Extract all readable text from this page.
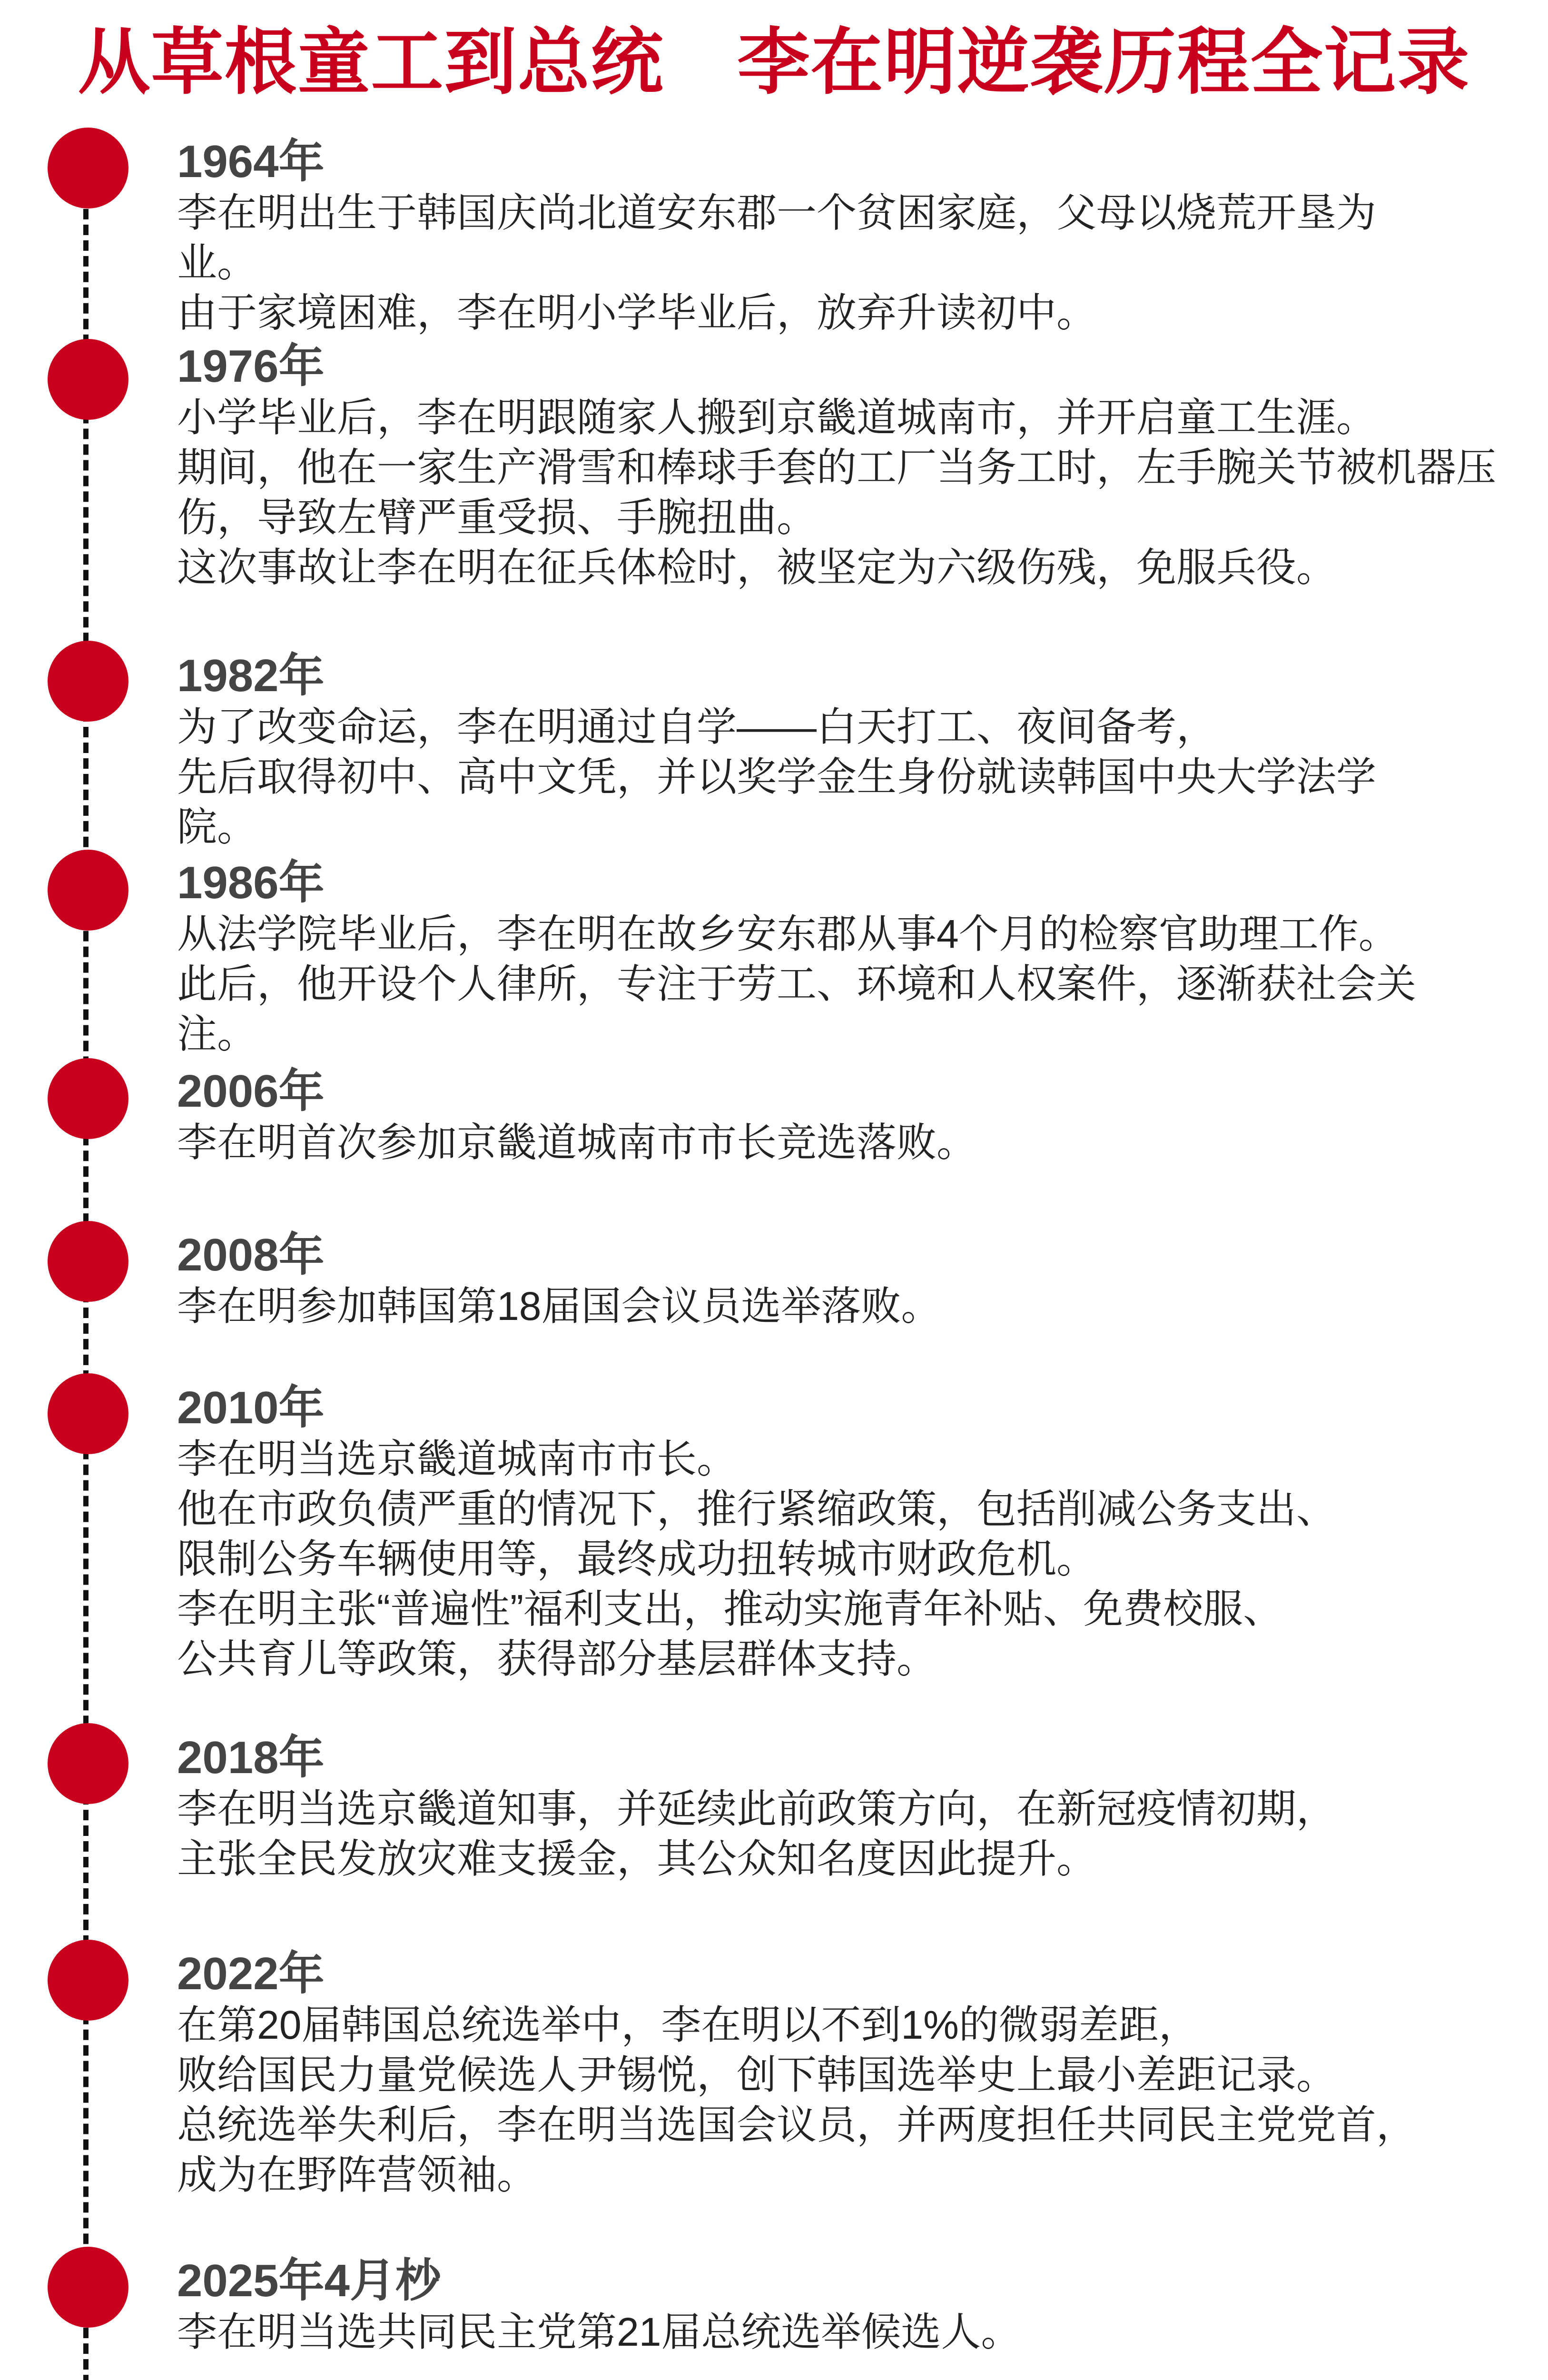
从草根童工到总统　李在明逆袭历程全记录
1964年
李在明出生于韩国庆尚北道安东郡一个贫困家庭，父母以烧荒开垦为
业。
由于家境困难，李在明小学毕业后，放弃升读初中。
1976年
小学毕业后，李在明跟随家人搬到京畿道城南市，并开启童工生涯。
期间，他在一家生产滑雪和棒球手套的工厂当务工时，左手腕关节被机器压
伤，导致左臂严重受损、手腕扭曲。
这次事故让李在明在征兵体检时，被坚定为六级伤残，免服兵役。
1982年
为了改变命运，李在明通过自学——白天打工、夜间备考，
先后取得初中、高中文凭，并以奖学金生身份就读韩国中央大学法学
院。
1986年
从法学院毕业后，李在明在故乡安东郡从事4个月的检察官助理工作。
此后，他开设个人律所，专注于劳工、环境和人权案件，逐渐获社会关
注。
2006年
李在明首次参加京畿道城南市市长竞选落败。
2008年
李在明参加韩国第18届国会议员选举落败。
2010年
李在明当选京畿道城南市市长。
他在市政负债严重的情况下，推行紧缩政策，包括削减公务支出、
限制公务车辆使用等，最终成功扭转城市财政危机。
李在明主张“普遍性”福利支出，推动实施青年补贴、免费校服、
公共育儿等政策，获得部分基层群体支持。
2018年
李在明当选京畿道知事，并延续此前政策方向，在新冠疫情初期，
主张全民发放灾难支援金，其公众知名度因此提升。
2022年
在第20届韩国总统选举中，李在明以不到1%的微弱差距，
败给国民力量党候选人尹锡悦，创下韩国选举史上最小差距记录。
总统选举失利后，李在明当选国会议员，并两度担任共同民主党党首，
成为在野阵营领袖。
2025年4月杪
李在明当选共同民主党第21届总统选举候选人。
